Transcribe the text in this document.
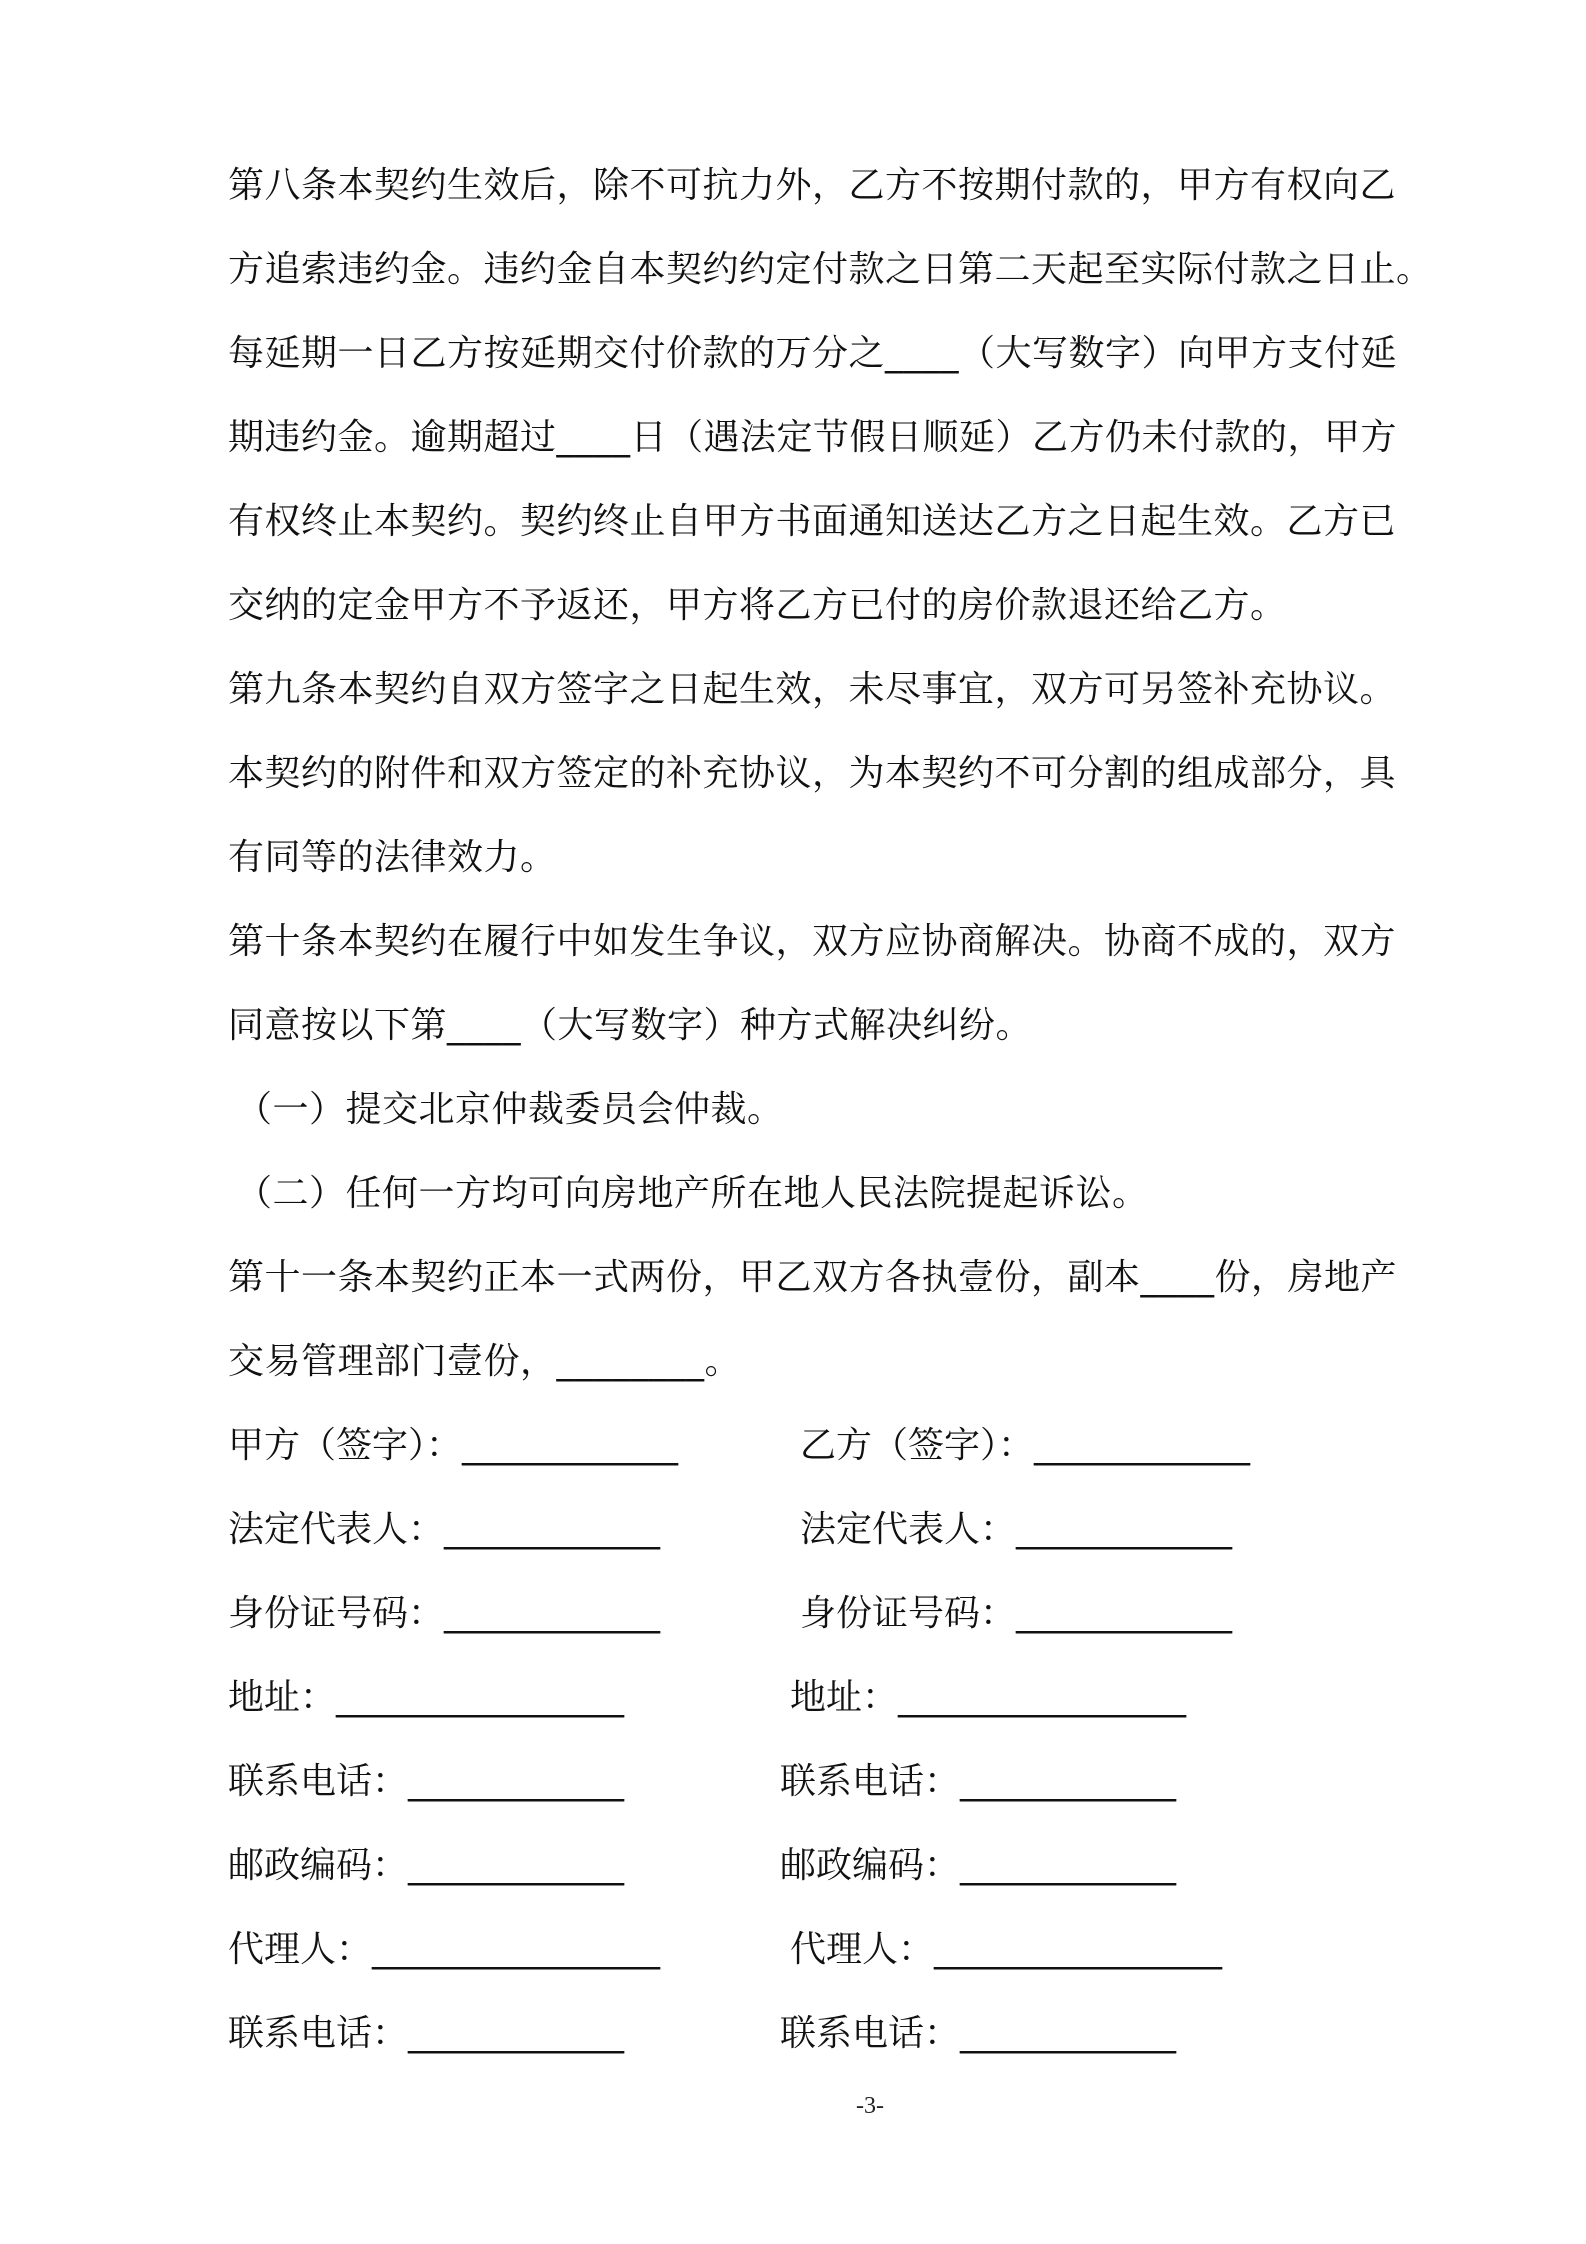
第八条本契约生效后，除不可抗力外，乙方不按期付款的，甲方有权向乙
方追索违约金。违约金自本契约约定付款之日第二天起至实际付款之日止。
每延期一日乙方按延期交付价款的万分之____（大写数字）向甲方支付延
期违约金。逾期超过____日（遇法定节假日顺延）乙方仍未付款的，甲方
有权终止本契约。契约终止自甲方书面通知送达乙方之日起生效。乙方已
交纳的定金甲方不予返还，甲方将乙方已付的房价款退还给乙方。
第九条本契约自双方签字之日起生效，未尽事宜，双方可另签补充协议。
本契约的附件和双方签定的补充协议，为本契约不可分割的组成部分，具
有同等的法律效力。
第十条本契约在履行中如发生争议，双方应协商解决。协商不成的，双方
同意按以下第____（大写数字）种方式解决纠纷。
（一）提交北京仲裁委员会仲裁。
（二）任何一方均可向房地产所在地人民法院提起诉讼。
第十一条本契约正本一式两份，甲乙双方各执壹份，副本____份，房地产
交易管理部门壹份，________。
甲方（签字）：____________
法定代表人：____________
身份证号码：____________
地址：________________
联系电话：____________
邮政编码：____________
代理人：________________
联系电话：____________
乙方（签字）：____________
法定代表人：____________
身份证号码：____________
地址：________________
联系电话：____________
邮政编码：____________
代理人：________________
联系电话：____________
-3-
